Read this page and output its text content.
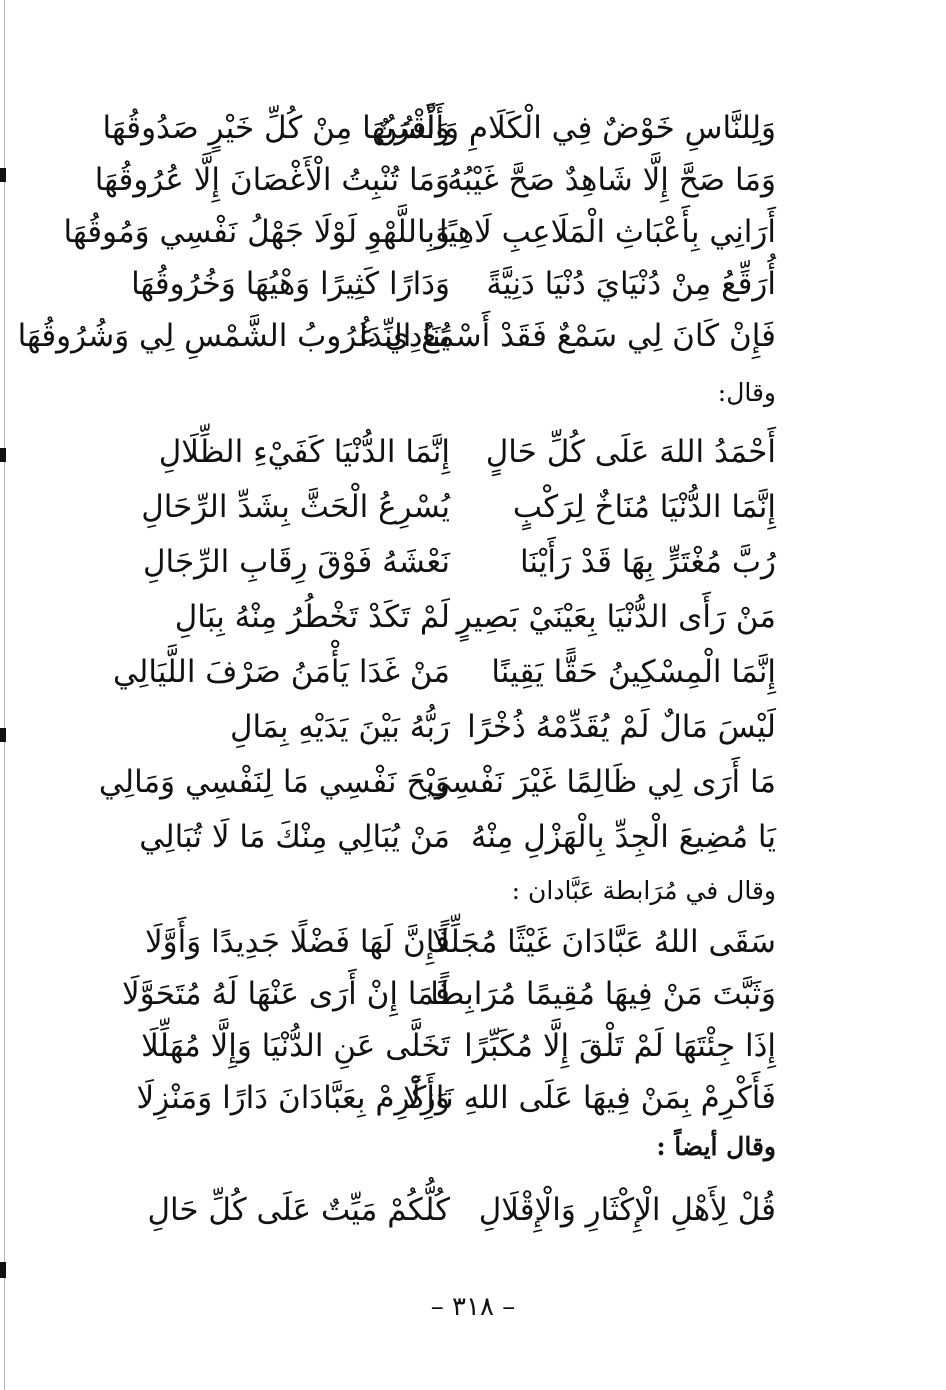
وَلِلنَّاسِ خَوْضٌ فِي الْكَلَامِ وَأَلْسُنٌ
وَأَقْرَبُهَا مِنْ كُلِّ خَيْرٍ صَدُوقُهَا
وَمَا صَحَّ إِلَّا شَاهِدٌ صَحَّ غَيْبُهُ
وَمَا تُنْبِتُ الْأَغْصَانَ إِلَّا عُرُوقُهَا
أَرَانِي بِأَعْبَاثِ الْمَلَاعِبِ لَاهِيًا
وَبِاللَّهْوِ لَوْلَا جَهْلُ نَفْسِي وَمُوقُهَا
أُرَقِّعُ مِنْ دُنْيَايَ دُنْيَا دَنِيَّةً
وَدَارًا كَثِيرًا وَهْيُهَا وَخُرُوقُهَا
فَإِنْ كَانَ لِي سَمْعٌ فَقَدْ أَسْمَعُ النِّدَا
يُنَادِي غُرُوبُ الشَّمْسِ لِي وَشُرُوقُهَا
وقال:
أَحْمَدُ اللهَ عَلَى كُلِّ حَالٍ
إِنَّمَا الدُّنْيَا كَفَيْءِ الظِّلَالِ
إِنَّمَا الدُّنْيَا مُنَاخٌ لِرَكْبٍ
يُسْرِعُ الْحَثَّ بِشَدِّ الرِّحَالِ
رُبَّ مُغْتَرٍّ بِهَا قَدْ رَأَيْنَا
نَعْشَهُ فَوْقَ رِقَابِ الرِّجَالِ
مَنْ رَأَى الدُّنْيَا بِعَيْنَيْ بَصِيرٍ
لَمْ تَكَدْ تَخْطُرُ مِنْهُ بِبَالِ
إِنَّمَا الْمِسْكِينُ حَقًّا يَقِينًا
مَنْ غَدَا يَأْمَنُ صَرْفَ اللَّيَالِي
لَيْسَ مَالٌ لَمْ يُقَدِّمْهُ ذُخْرًا
رَبُّهُ بَيْنَ يَدَيْهِ بِمَالِ
مَا أَرَى لِي ظَالِمًا غَيْرَ نَفْسِي
وَيْحَ نَفْسِي مَا لِنَفْسِي وَمَالِي
يَا مُضِيعَ الْجِدِّ بِالْهَزْلِ مِنْهُ
مَنْ يُبَالِي مِنْكَ مَا لَا تُبَالِي
وقال في مُرَابطة عَبَّادان :
سَقَى اللهُ عَبَّادَانَ غَيْثًا مُجَلِّلًا
فَإِنَّ لَهَا فَضْلًا جَدِيدًا وَأَوَّلَا
وَثَبَّتَ مَنْ فِيهَا مُقِيمًا مُرَابِطًا
فَمَا إِنْ أَرَى عَنْهَا لَهُ مُتَحَوَّلَا
إِذَا جِئْتَهَا لَمْ تَلْقَ إِلَّا مُكَبِّرًا
تَخَلَّى عَنِ الدُّنْيَا وَإِلَّا مُهَلِّلَا
فَأَكْرِمْ بِمَنْ فِيهَا عَلَى اللهِ نَازِلًا
وَأَكْرِمْ بِعَبَّادَانَ دَارًا وَمَنْزِلَا
وقال أيضاً :
قُلْ لِأَهْلِ الْإِكْثَارِ وَالْإِقْلَالِ
كُلُّكُمْ مَيِّتٌ عَلَى كُلِّ حَالِ
– ٣١٨ –
